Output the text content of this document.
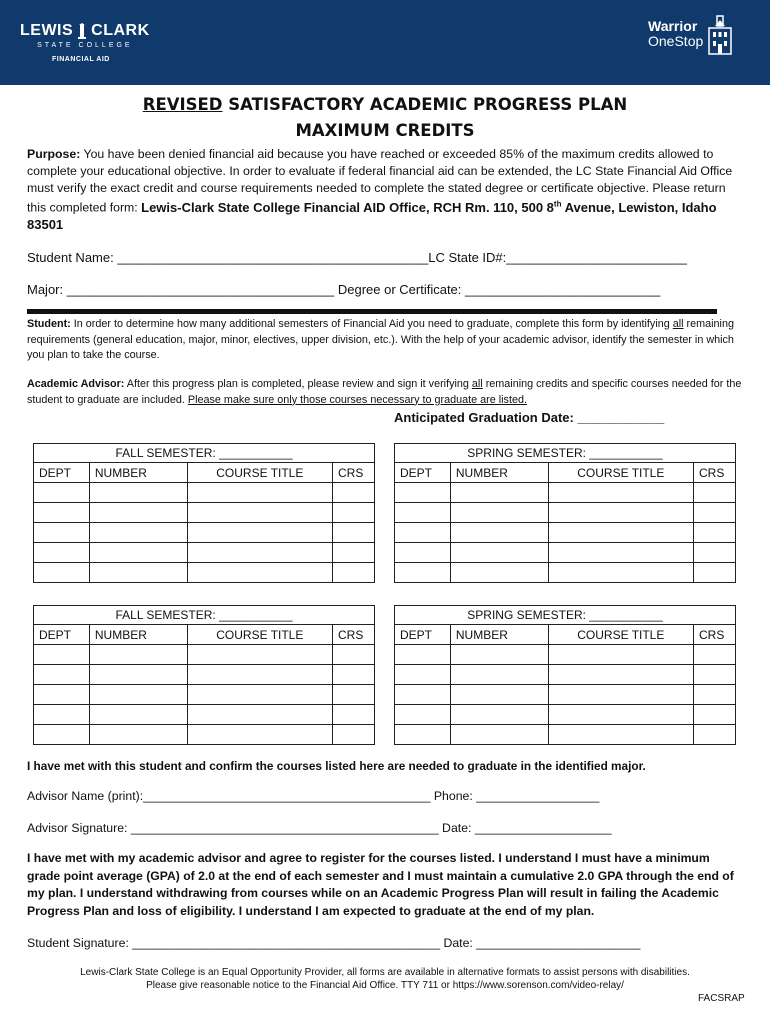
LEWIS CLARK
STATE COLLEGE
FINANCIAL AID
Warrior
OneStop
REVISED SATISFACTORY ACADEMIC PROGRESS PLAN
MAXIMUM CREDITS
Purpose: You have been denied financial aid because you have reached or exceeded 85% of the maximum credits allowed to complete your educational objective. In order to evaluate if federal financial aid can be extended, the LC State Financial Aid Office must verify the exact credit and course requirements needed to complete the stated degree or certificate objective. Please return this completed form: Lewis-Clark State College Financial AID Office, RCH Rm. 110, 500 8th Avenue, Lewiston, Idaho 83501
Student Name: ___________________________________________LC State ID#:_________________________
Major: _____________________________________ Degree or Certificate: ___________________________
Student: In order to determine how many additional semesters of Financial Aid you need to graduate, complete this form by identifying all remaining requirements (general education, major, minor, electives, upper division, etc.). With the help of your academic advisor, identify the semester in which you plan to take the course.
Academic Advisor: After this progress plan is completed, please review and sign it verifying all remaining credits and specific courses needed for the student to graduate are included. Please make sure only those courses necessary to graduate are listed.
Anticipated Graduation Date: ____________
FALL SEMESTER: ___________			
DEPT	NUMBER	COURSE TITLE	CRS

SPRING SEMESTER: ___________			
DEPT	NUMBER	COURSE TITLE	CRS

FALL SEMESTER: ___________			
DEPT	NUMBER	COURSE TITLE	CRS

SPRING SEMESTER: ___________			
DEPT	NUMBER	COURSE TITLE	CRS

I have met with this student and confirm the courses listed here are needed to graduate in the identified major.
Advisor Name (print):__________________________________________ Phone: __________________
Advisor Signature: _____________________________________________ Date: ____________________
I have met with my academic advisor and agree to register for the courses listed. I understand I must have a minimum grade point average (GPA) of 2.0 at the end of each semester and I must maintain a cumulative 2.0 GPA through the end of my plan. I understand withdrawing from courses while on an Academic Progress Plan will result in failing the Academic Progress Plan and loss of eligibility. I understand I am expected to graduate at the end of my plan.
Student Signature: _____________________________________________ Date: ________________________
Lewis-Clark State College is an Equal Opportunity Provider, all forms are available in alternative formats to assist persons with disabilities.
Please give reasonable notice to the Financial Aid Office. TTY 711 or https://www.sorenson.com/video-relay/
FACSRAP
